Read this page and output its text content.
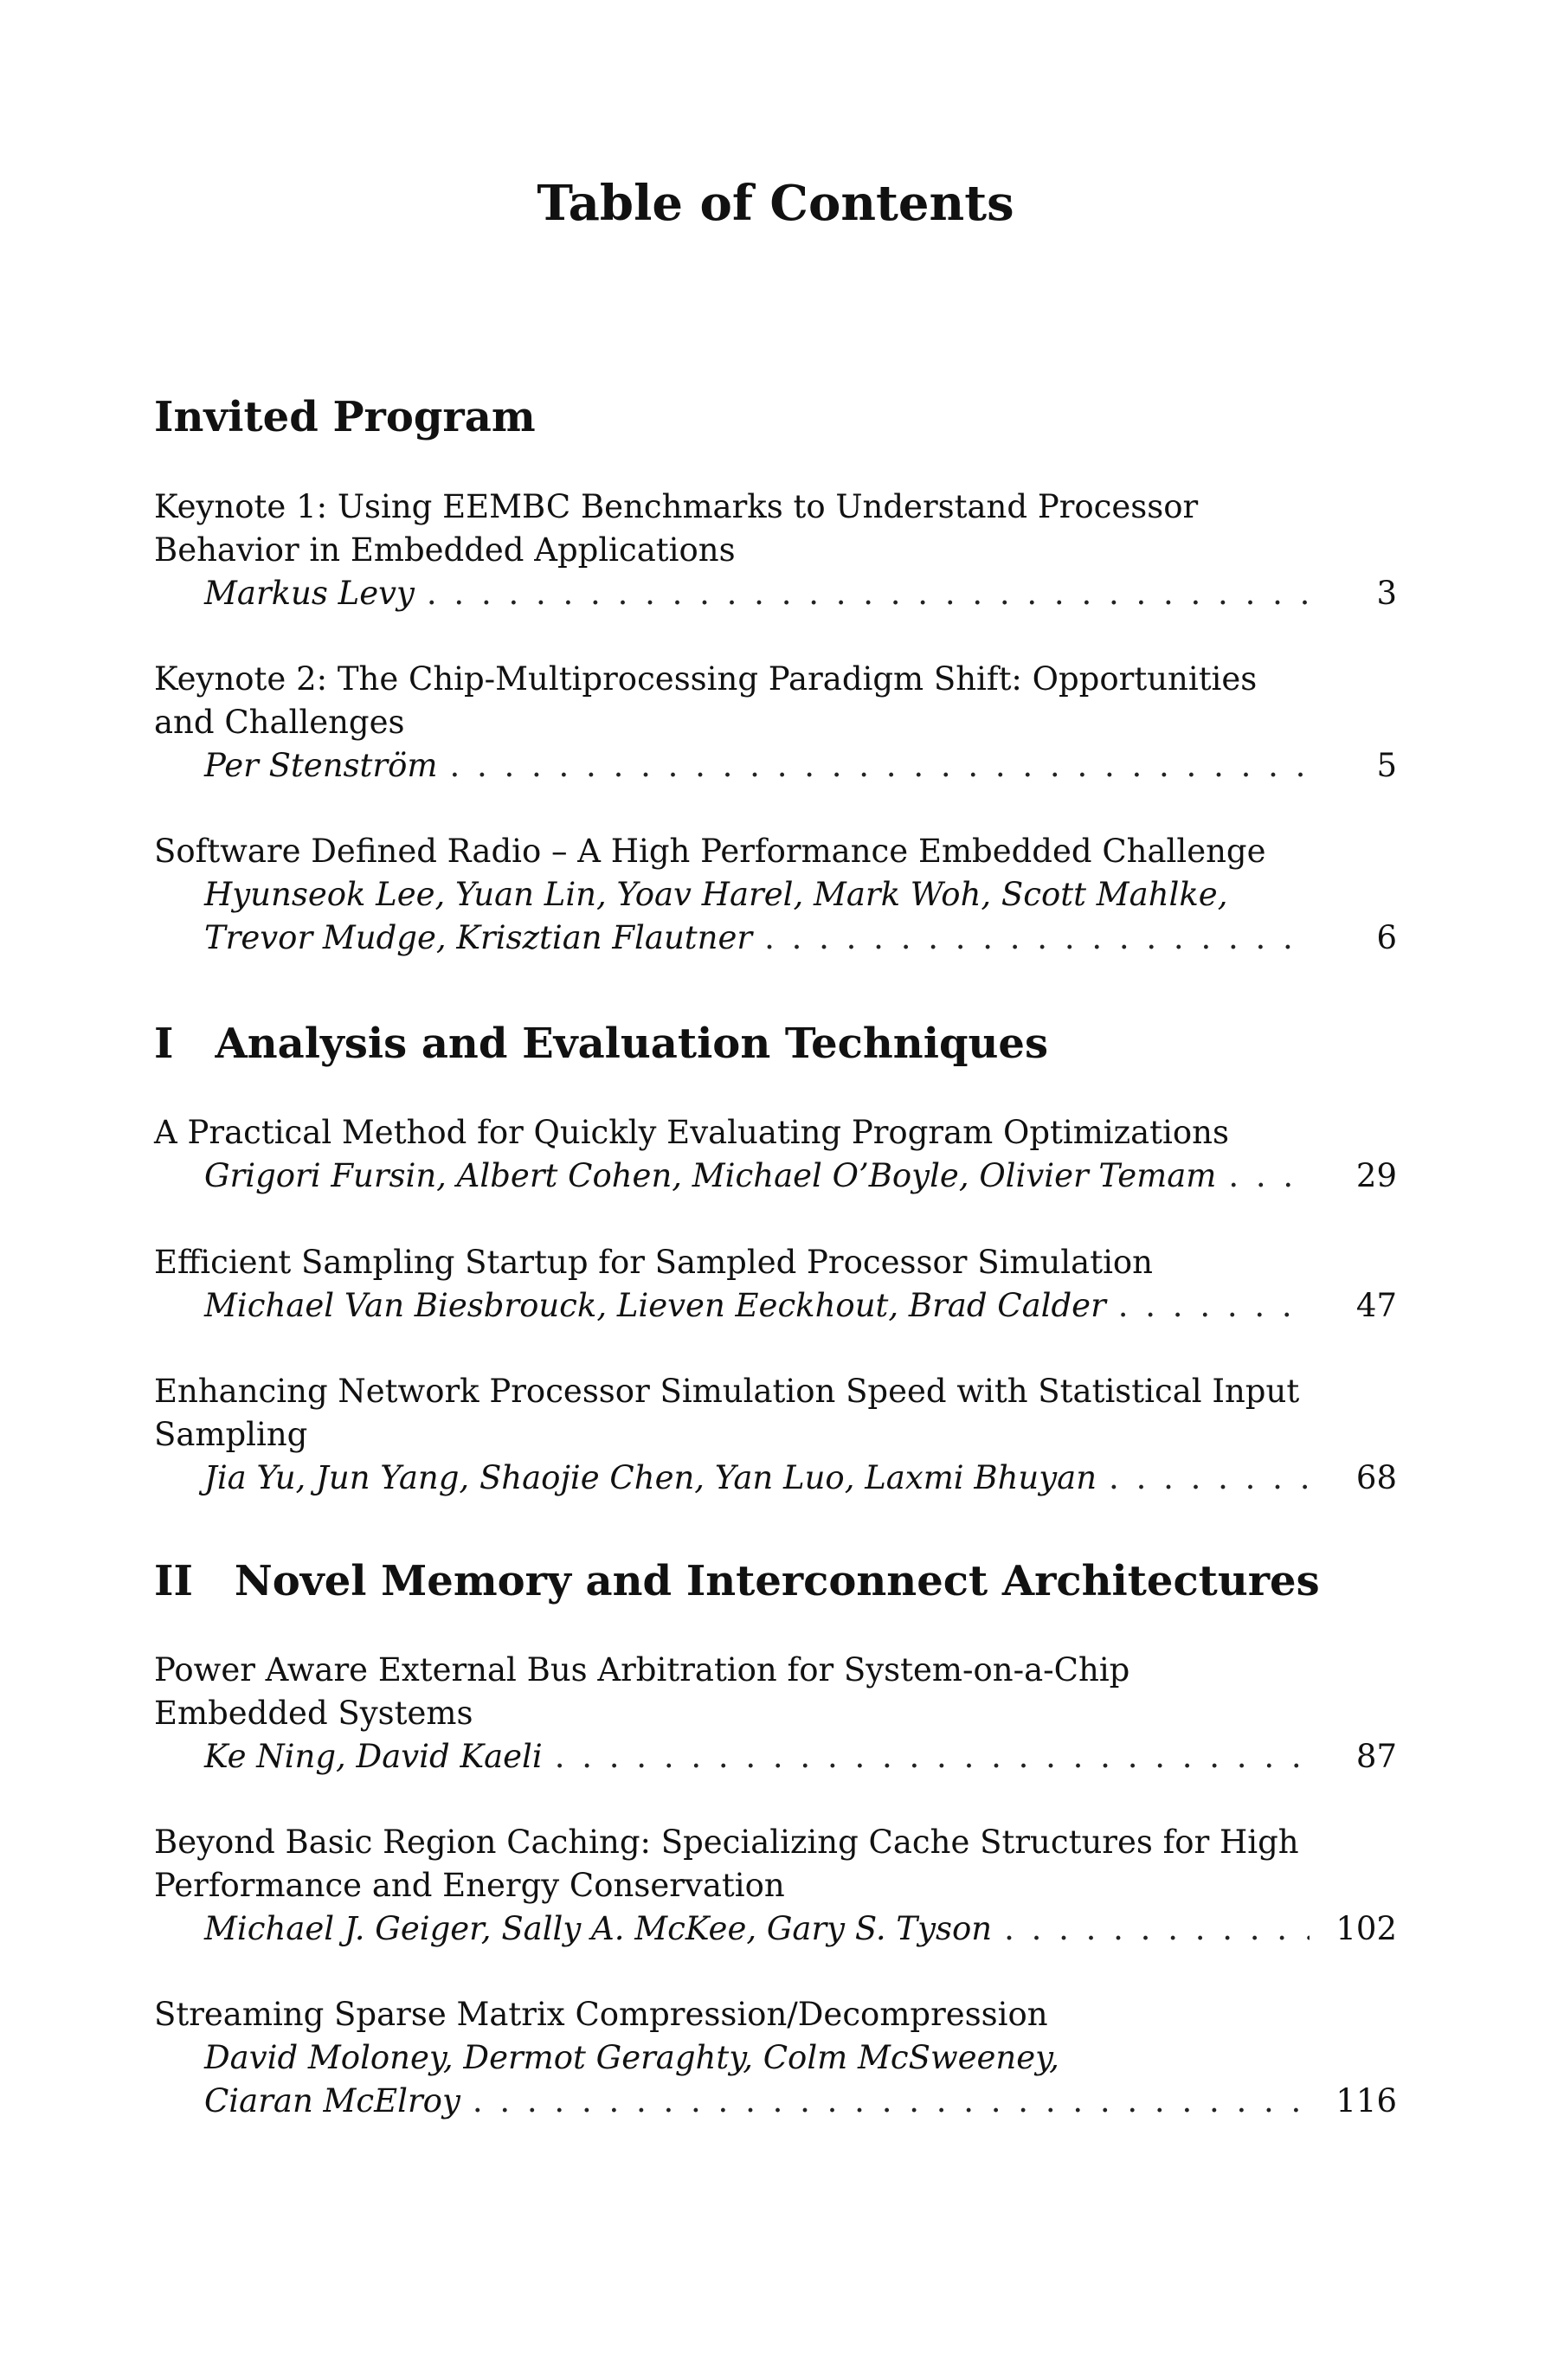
Table of Contents
Invited Program
Keynote 1: Using EEMBC Benchmarks to Understand Processor
Behavior in Embedded Applications
Markus Levy . . .	3
Keynote 2: The Chip-Multiprocessing Paradigm Shift: Opportunities
and Challenges
Per Stenström . . .	5
Software Defined Radio – A High Performance Embedded Challenge
Hyunseok Lee, Yuan Lin, Yoav Harel, Mark Woh, Scott Mahlke,
Trevor Mudge, Krisztian Flautner . . .	6
I Analysis and Evaluation Techniques
A Practical Method for Quickly Evaluating Program Optimizations
Grigori Fursin, Albert Cohen, Michael O’Boyle, Olivier Temam . . .	29
Efficient Sampling Startup for Sampled Processor Simulation
Michael Van Biesbrouck, Lieven Eeckhout, Brad Calder . . .	47
Enhancing Network Processor Simulation Speed with Statistical Input
Sampling
Jia Yu, Jun Yang, Shaojie Chen, Yan Luo, Laxmi Bhuyan . . .	68
II Novel Memory and Interconnect Architectures
Power Aware External Bus Arbitration for System-on-a-Chip
Embedded Systems
Ke Ning, David Kaeli . . .	87
Beyond Basic Region Caching: Specializing Cache Structures for High
Performance and Energy Conservation
Michael J. Geiger, Sally A. McKee, Gary S. Tyson . . .	102
Streaming Sparse Matrix Compression/Decompression
David Moloney, Dermot Geraghty, Colm McSweeney,
Ciaran McElroy . . .	116
